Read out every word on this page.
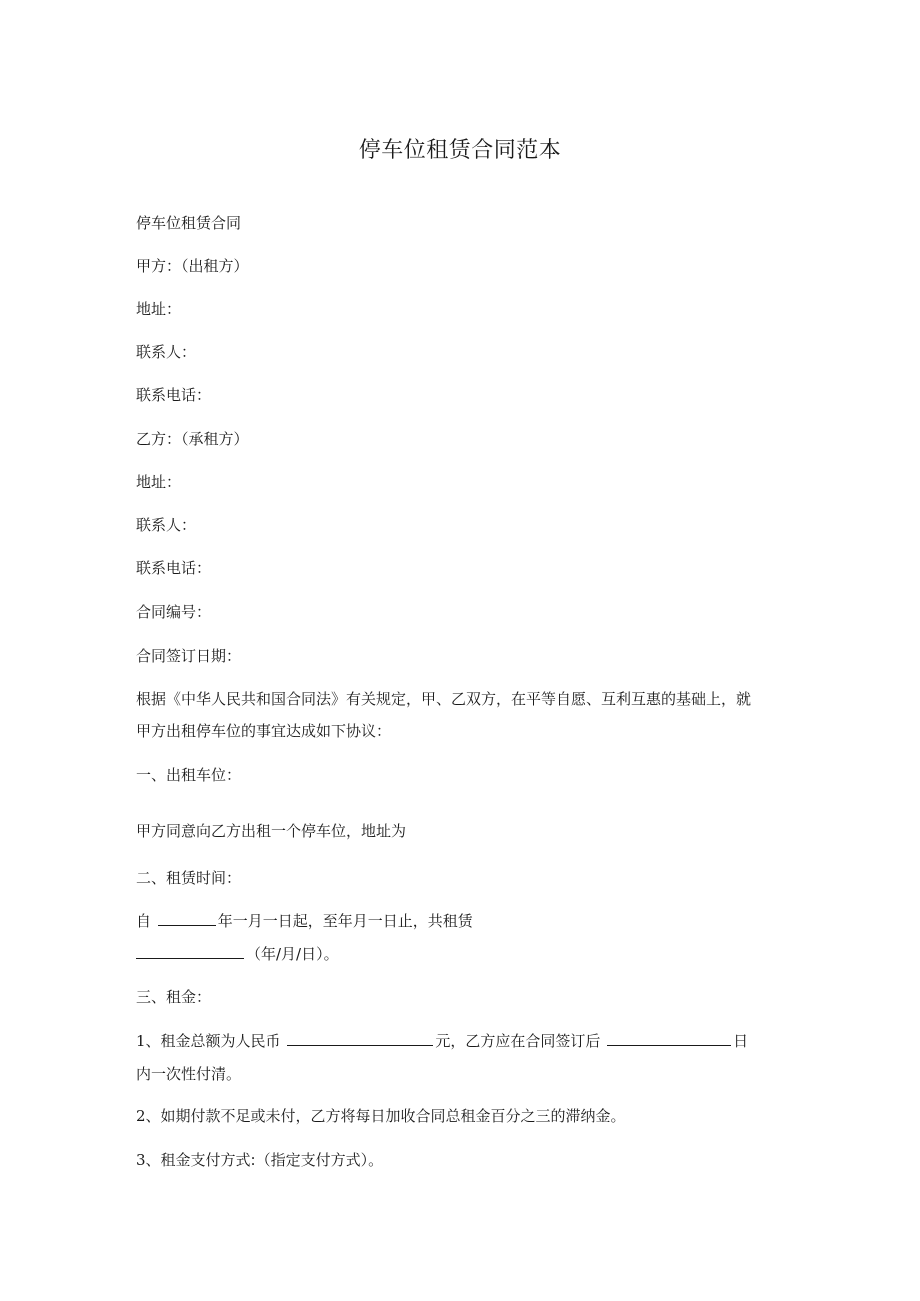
停车位租赁合同范本
停车位租赁合同
甲方：（出租方）
地址：
联系人：
联系电话：
乙方：（承租方）
地址：
联系人：
联系电话：
合同编号：
合同签订日期：
根据《中华人民共和国合同法》有关规定，甲、乙双方，在平等自愿、互利互惠的基础上，就
甲方出租停车位的事宜达成如下协议：
一、出租车位：
甲方同意向乙方出租一个停车位，地址为
二、租赁时间：
自	年一月一日起，至年月一日止，共租赁
（年/月/日）。
三、租金：
1、租金总额为人民币	元，乙方应在合同签订后	日
内一次性付清。
2、如期付款不足或未付，乙方将每日加收合同总租金百分之三的滞纳金。
3、租金支付方式:（指定支付方式）。
